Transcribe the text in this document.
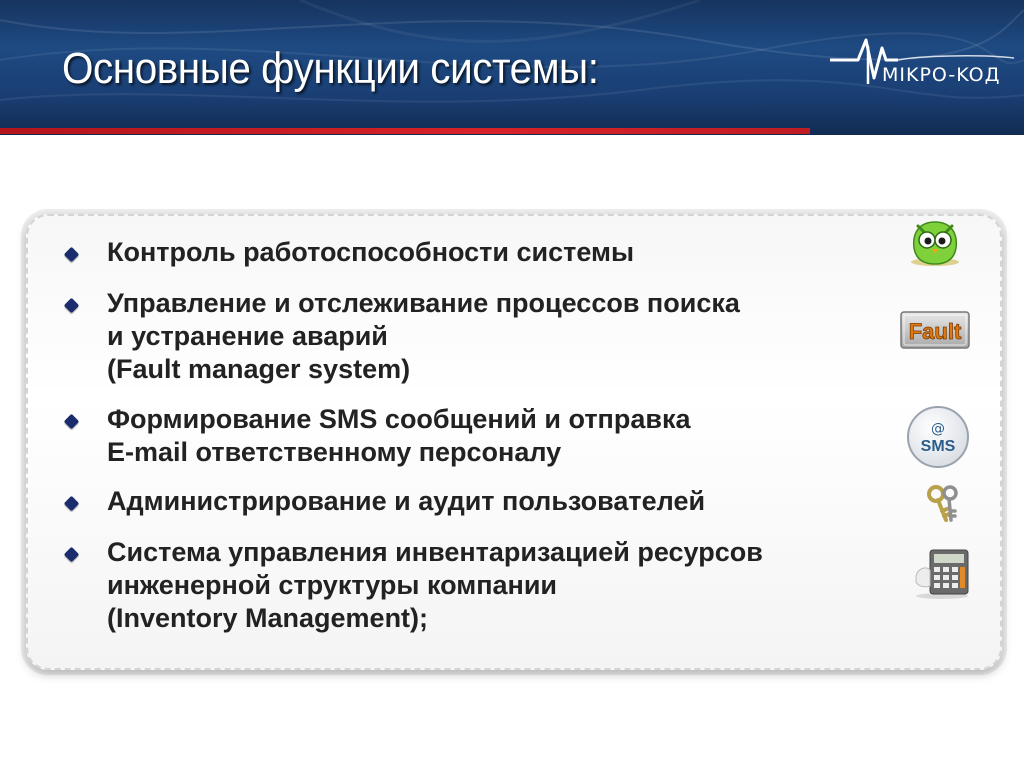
Основные функции системы:	MIKPO-KOД
Контроль работоспособности системы
Управление и отслеживание процессов поиска
и устранение аварий
(Fault manager system)
Формирование SMS сообщений и отправка
E-mail ответственному персоналу
Администрирование и аудит пользователей
Система управления инвентаризацией ресурсов
инженерной структуры компании
(Inventory Management);
Fault
@
SMS
